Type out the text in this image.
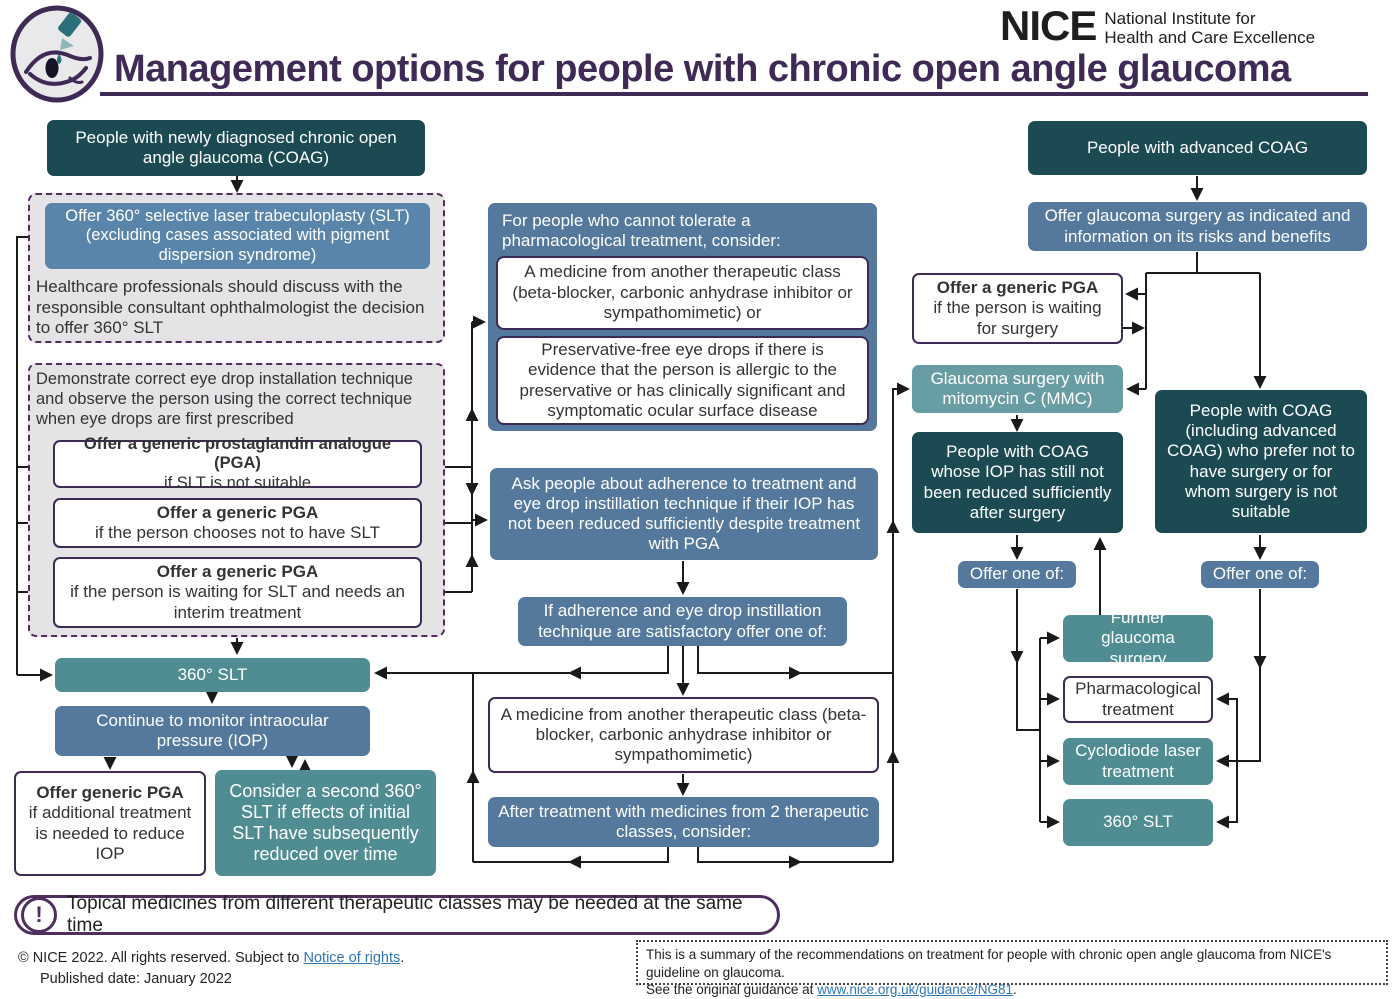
Management options for people with chronic open angle glaucoma
NICE National Institute for
Health and Care Excellence
People with newly diagnosed chronic open angle glaucoma (COAG)
Offer 360° selective laser trabeculoplasty (SLT) (excluding cases associated with pigment dispersion syndrome)
Healthcare professionals should discuss with the responsible consultant ophthalmologist the decision to offer 360° SLT
Demonstrate correct eye drop installation technique and observe the person using the correct technique when eye drops are first prescribed
Offer a generic prostaglandin analogue (PGA)
if SLT is not suitable
Offer a generic PGA
if the person chooses not to have SLT
Offer a generic PGA
if the person is waiting for SLT and needs an interim treatment
360° SLT
Continue to monitor intraocular pressure (IOP)
Offer generic PGA
if additional treatment is needed to reduce IOP
Consider a second 360° SLT if effects of initial SLT have subsequently reduced over time
For people who cannot tolerate a pharmacological treatment, consider:
A medicine from another therapeutic class (beta-blocker, carbonic anhydrase inhibitor or sympathomimetic) or
Preservative-free eye drops if there is evidence that the person is allergic to the preservative or has clinically significant and symptomatic ocular surface disease
Ask people about adherence to treatment and eye drop instillation technique if their IOP has not been reduced sufficiently despite treatment with PGA
If adherence and eye drop instillation technique are satisfactory offer one of:
A medicine from another therapeutic class (beta-blocker, carbonic anhydrase inhibitor or sympathomimetic)
After treatment with medicines from 2 therapeutic classes, consider:
People with advanced COAG
Offer glaucoma surgery as indicated and information on its risks and benefits
Offer a generic PGA
if the person is waiting for surgery
Glaucoma surgery with mitomycin C (MMC)
People with COAG whose IOP has still not been reduced sufficiently after surgery
People with COAG (including advanced COAG) who prefer not to have surgery or for whom surgery is not suitable
Offer one of:	Offer one of:
Further glaucoma surgery
Pharmacological treatment
Cyclodiode laser treatment
360° SLT
!	Topical medicines from different therapeutic classes may be needed at the same time
© NICE 2022. All rights reserved. Subject to Notice of rights.
Published date: January 2022
This is a summary of the recommendations on treatment for people with chronic open angle glaucoma from NICE's guideline on glaucoma.
See the original guidance at www.nice.org.uk/guidance/NG81.
